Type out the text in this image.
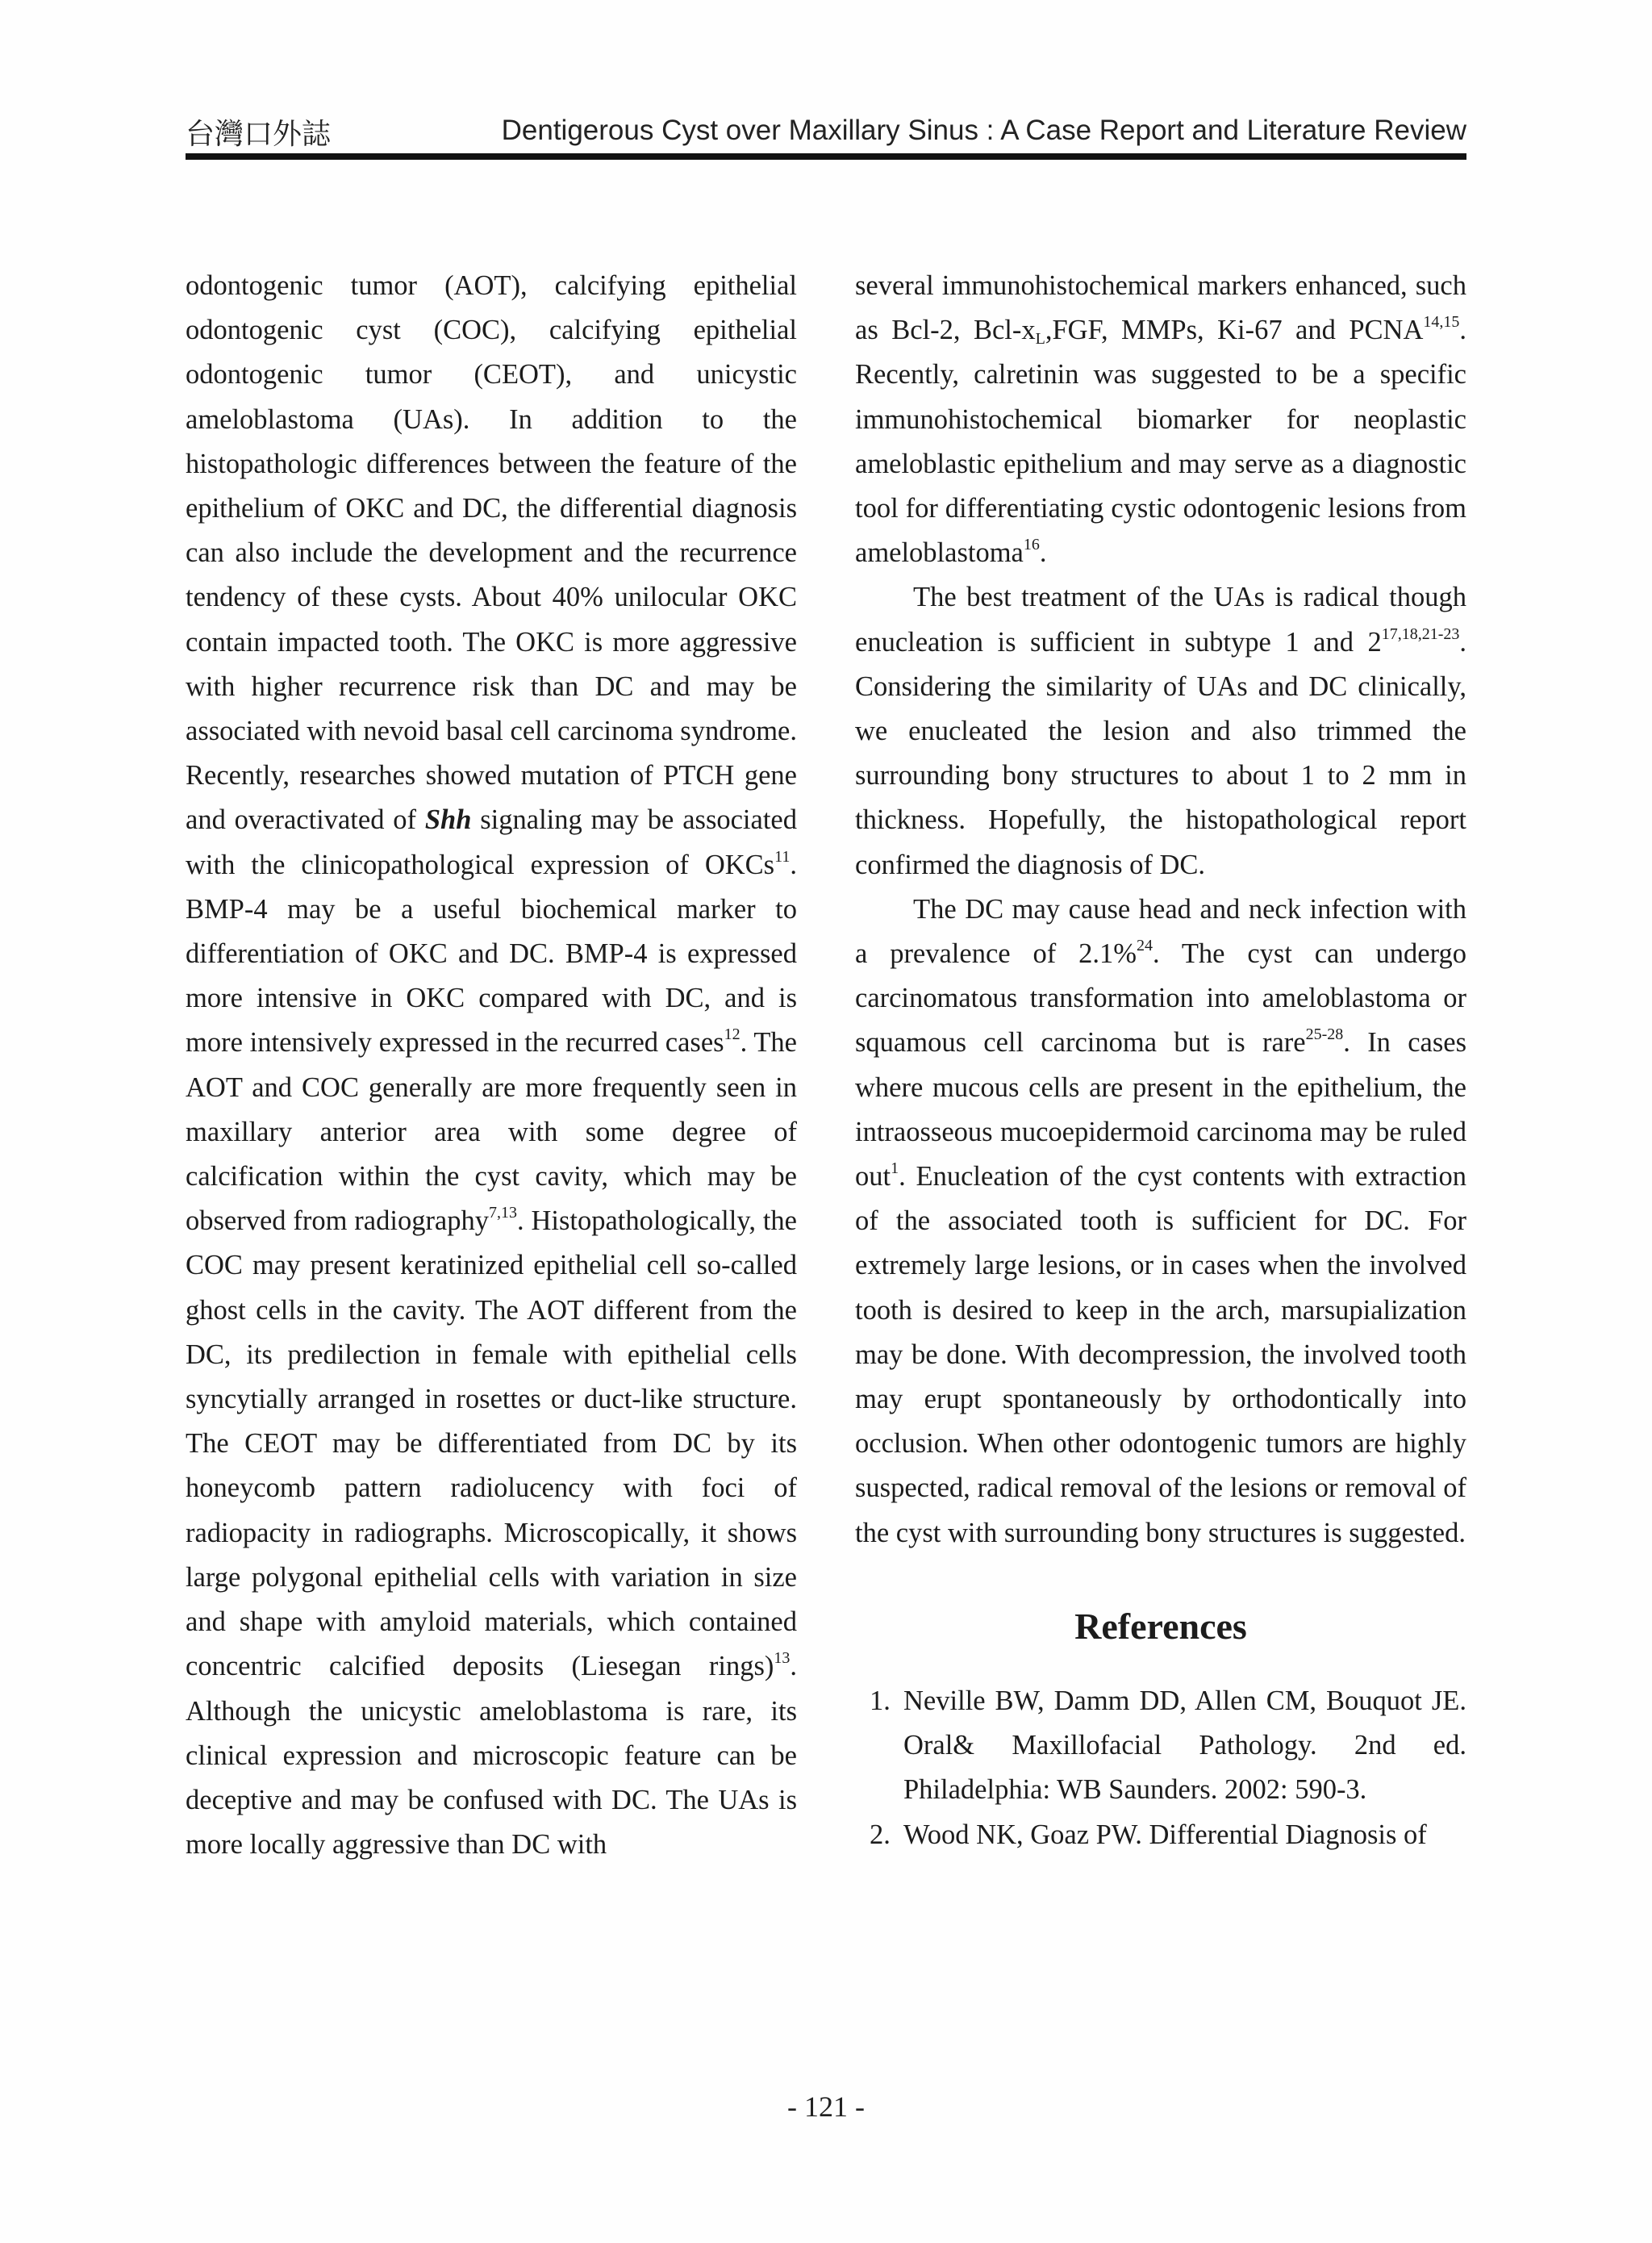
台灣口外誌	Dentigerous Cyst over Maxillary Sinus : A Case Report and Literature Review

odontogenic tumor (AOT), calcifying epithelial odontogenic cyst (COC), calcifying epithelial odontogenic tumor (CEOT), and unicystic ameloblastoma (UAs). In addition to the histopathologic differences between the feature of the epithelium of OKC and DC, the differential diagnosis can also include the development and the recurrence tendency of these cysts. About 40% unilocular OKC contain impacted tooth. The OKC is more aggressive with higher recurrence risk than DC and may be associated with nevoid basal cell carcinoma syndrome. Recently, researches showed mutation of PTCH gene and overactivated of Shh signaling may be associated with the clinicopathological expression of OKCs$^{11}$. BMP-4 may be a useful biochemical marker to differentiation of OKC and DC. BMP-4 is expressed more intensive in OKC compared with DC, and is more intensively expressed in the recurred cases$^{12}$. The AOT and COC generally are more frequently seen in maxillary anterior area with some degree of calcification within the cyst cavity, which may be observed from radiography$^{7,13}$. Histopathologically, the COC may present keratinized epithelial cell so-called ghost cells in the cavity. The AOT different from the DC, its predilection in female with epithelial cells syncytially arranged in rosettes or duct-like structure. The CEOT may be differentiated from DC by its honeycomb pattern radiolucency with foci of radiopacity in radiographs. Microscopically, it shows large polygonal epithelial cells with variation in size and shape with amyloid materials, which contained concentric calcified deposits (Liesegan rings)$^{13}$. Although the unicystic ameloblastoma is rare, its clinical expression and microscopic feature can be deceptive and may be confused with DC. The UAs is more locally aggressive than DC with

several immunohistochemical markers enhanced, such as Bcl-2, Bcl-$x_L,FGF$, MMPs, Ki-67 and PCNA$^{14,15}$. Recently, calretinin was suggested to be a specific immunohistochemical biomarker for neoplastic ameloblastic epithelium and may serve as a diagnostic tool for differentiating cystic odontogenic lesions from ameloblastoma$^{16}$.

The best treatment of the UAs is radical though enucleation is sufficient in subtype 1 and 2$^{17,18,21-23}$. Considering the similarity of UAs and DC clinically, we enucleated the lesion and also trimmed the surrounding bony structures to about 1 to 2 mm in thickness. Hopefully, the histopathological report confirmed the diagnosis of DC.

The DC may cause head and neck infection with a prevalence of 2.1%$^{24}$. The cyst can undergo carcinomatous transformation into ameloblastoma or squamous cell carcinoma but is rare$^{25-28}$. In cases where mucous cells are present in the epithelium, the intraosseous mucoepidermoid carcinoma may be ruled out$^1$. Enucleation of the cyst contents with extraction of the associated tooth is sufficient for DC. For extremely large lesions, or in cases when the involved tooth is desired to keep in the arch, marsupialization may be done. With decompression, the involved tooth may erupt spontaneously by orthodontically into occlusion. When other odontogenic tumors are highly suspected, radical removal of the lesions or removal of the cyst with surrounding bony structures is suggested.

References
1. Neville BW, Damm DD, Allen CM, Bouquot JE. Oral& Maxillofacial Pathology. 2nd ed. Philadelphia: WB Saunders. 2002: 590-3.
2. Wood NK, Goaz PW. Differential Diagnosis of
- 121 -
